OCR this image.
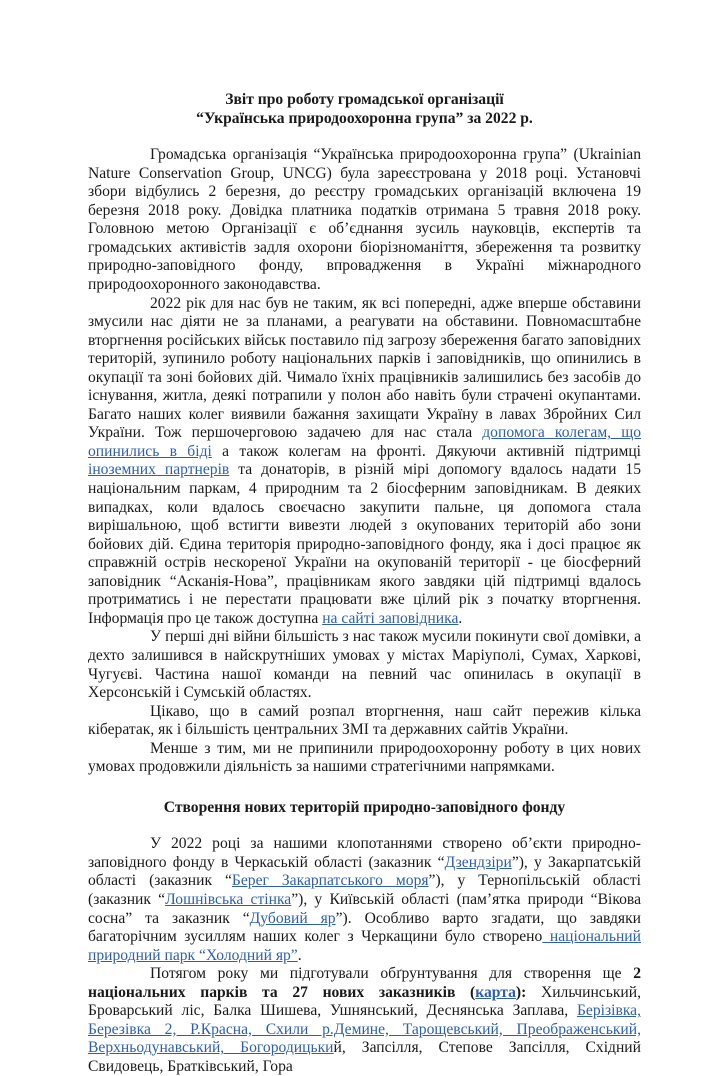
Звіт про роботу громадської організації
“Українська природоохоронна група” за 2022 р.

Громадська організація “Українська природоохоронна група” (Ukrainian Nature Conservation Group, UNCG) була зареєстрована у 2018 році. Установчі збори відбулись 2 березня, до реєстру громадських організацій включена 19 березня 2018 року. Довідка платника податків отримана 5 травня 2018 року. Головною метою Організації є об’єднання зусиль науковців, експертів та громадських активістів задля охорони біорізноманіття, збереження та розвитку природно-заповідного фонду, впровадження в Україні міжнародного природоохоронного законодавства.

2022 рік для нас був не таким, як всі попередні, адже вперше обставини змусили нас діяти не за планами, а реагувати на обставини. Повномасштабне вторгнення російських військ поставило під загрозу збереження багато заповідних територій, зупинило роботу національних парків і заповідників, що опинились в окупації та зоні бойових дій. Чимало їхніх працівників залишились без засобів до існування, житла, деякі потрапили у полон або навіть були страчені окупантами. Багато наших колег виявили бажання захищати Україну в лавах Збройних Сил України. Тож першочерговою задачею для нас стала допомога колегам, що опинились в біді а також колегам на фронті. Дякуючи активній підтримці іноземних партнерів та донаторів, в різній мірі допомогу вдалось надати 15 національним паркам, 4 природним та 2 біосферним заповідникам. В деяких випадках, коли вдалось своєчасно закупити пальне, ця допомога стала вирішальною, щоб встигти вивезти людей з окупованих територій або зони бойових дій. Єдина територія природно-заповідного фонду, яка і досі працює як справжній острів нескореної України на окупованій території - це біосферний заповідник “Асканія-Нова”, працівникам якого завдяки цій підтримці вдалось протриматись і не перестати працювати вже цілий рік з початку вторгнення. Інформація про це також доступна на сайті заповідника.

У перші дні війни більшість з нас також мусили покинути свої домівки, а дехто залишився в найскрутніших умовах у містах Маріуполі, Сумах, Харкові, Чугуєві. Частина нашої команди на певний час опинилась в окупації в Херсонській і Сумській областях.

Цікаво, що в самий розпал вторгнення, наш сайт пережив кілька кібератак, як і більшість центральних ЗМІ та державних сайтів України.

Менше з тим, ми не припинили природоохоронну роботу в цих нових умовах продовжили діяльність за нашими стратегічними напрямками.

Створення нових територій природно-заповідного фонду

У 2022 році за нашими клопотаннями створено об’єкти природно-заповідного фонду в Черкаській області (заказник “Дзендзіри”), у Закарпатській області (заказник “Берег Закарпатського моря”), у Тернопільській області (заказник “Лошнівська стінка”), у Київській області (пам’ятка природи “Вікова сосна” та заказник “Дубовий яр”). Особливо варто згадати, що завдяки багаторічним зусиллям наших колег з Черкащини було створено національний природний парк “Холодний яр”.

Потягом року ми підготували обґрунтування для створення ще 2 національних парків та 27 нових заказників (карта): Хильчинський, Броварський ліс, Балка Шишева, Ушнянський, Деснянська Заплава, Берізівка, Березівка 2, Р.Красна, Схили р.Демине, Тарощевський, Преображенський, Верхньодунавський, Богородицький, Запсілля, Степове Запсілля, Східний Свидовець, Братківський, Гора
